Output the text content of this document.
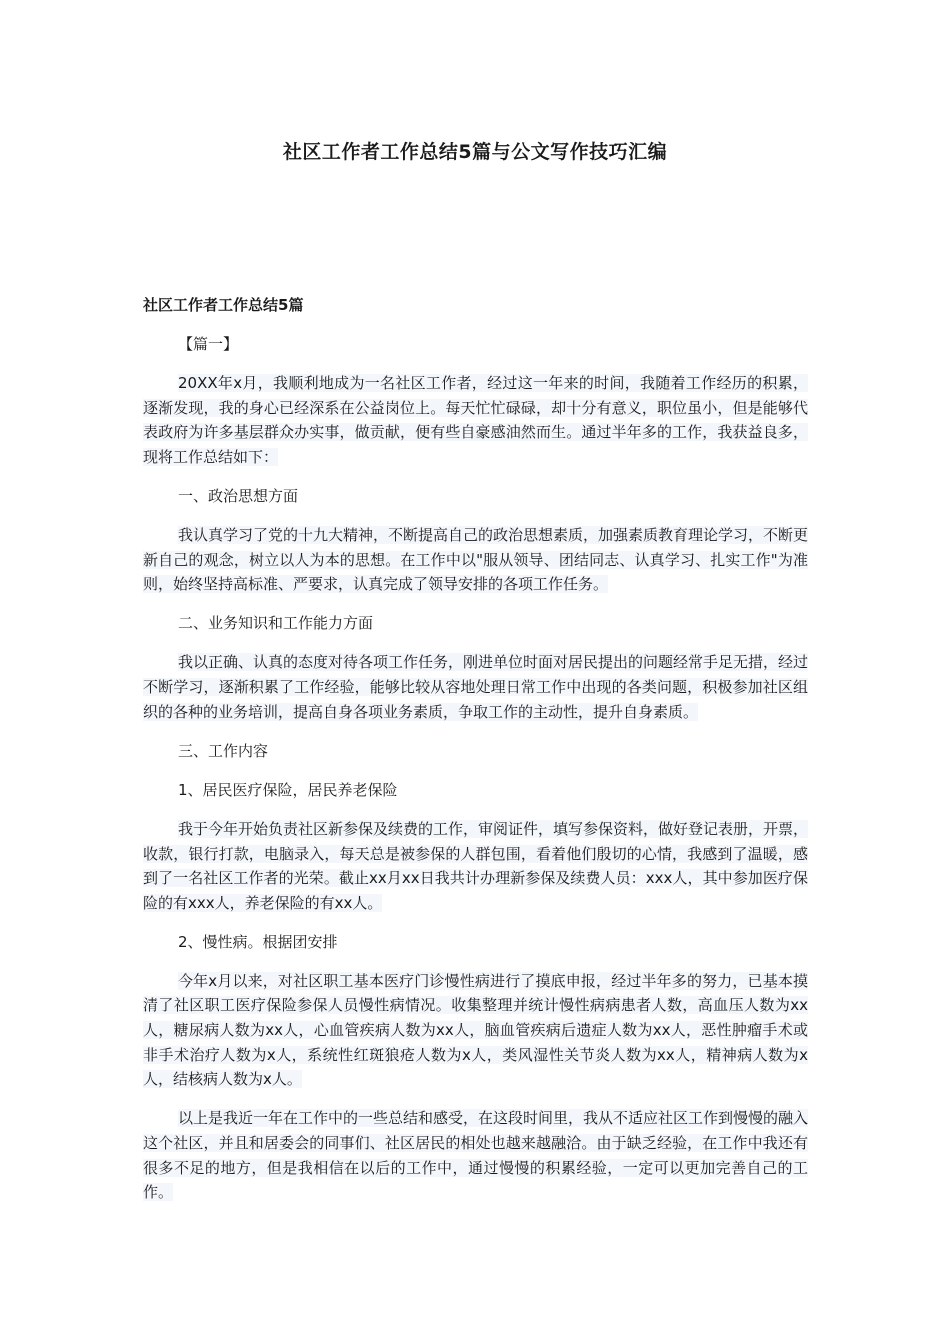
社区工作者工作总结5篇与公文写作技巧汇编
社区工作者工作总结5篇
【篇一】

20XX年x月，我顺利地成为一名社区工作者，经过这一年来的时间，我随着工作经历的积累，逐渐发现，我的身心已经深系在公益岗位上。每天忙忙碌碌，却十分有意义，职位虽小，但是能够代表政府为许多基层群众办实事，做贡献，便有些自豪感油然而生。通过半年多的工作，我获益良多，现将工作总结如下：

一、政治思想方面

我认真学习了党的十九大精神，不断提高自己的政治思想素质，加强素质教育理论学习，不断更新自己的观念，树立以人为本的思想。在工作中以"服从领导、团结同志、认真学习、扎实工作"为准则，始终坚持高标准、严要求，认真完成了领导安排的各项工作任务。

二、业务知识和工作能力方面

我以正确、认真的态度对待各项工作任务，刚进单位时面对居民提出的问题经常手足无措，经过不断学习，逐渐积累了工作经验，能够比较从容地处理日常工作中出现的各类问题，积极参加社区组织的各种的业务培训，提高自身各项业务素质，争取工作的主动性，提升自身素质。

三、工作内容
1、居民医疗保险，居民养老保险

我于今年开始负责社区新参保及续费的工作，审阅证件，填写参保资料，做好登记表册，开票，收款，银行打款，电脑录入，每天总是被参保的人群包围，看着他们殷切的心情，我感到了温暖，感到了一名社区工作者的光荣。截止xx月xx日我共计办理新参保及续费人员：xxx人，其中参加医疗保险的有xxx人，养老保险的有xx人。

2、慢性病。根据团安排

今年x月以来，对社区职工基本医疗门诊慢性病进行了摸底申报，经过半年多的努力，已基本摸清了社区职工医疗保险参保人员慢性病情况。收集整理并统计慢性病病患者人数，高血压人数为xx人，糖尿病人数为xx人，心血管疾病人数为xx人，脑血管疾病后遗症人数为xx人，恶性肿瘤手术或非手术治疗人数为x人，系统性红斑狼疮人数为x人，类风湿性关节炎人数为xx人，精神病人数为x人，结核病人数为x人。

以上是我近一年在工作中的一些总结和感受，在这段时间里，我从不适应社区工作到慢慢的融入这个社区，并且和居委会的同事们、社区居民的相处也越来越融洽。由于缺乏经验，在工作中我还有很多不足的地方，但是我相信在以后的工作中，通过慢慢的积累经验，一定可以更加完善自己的工作。
